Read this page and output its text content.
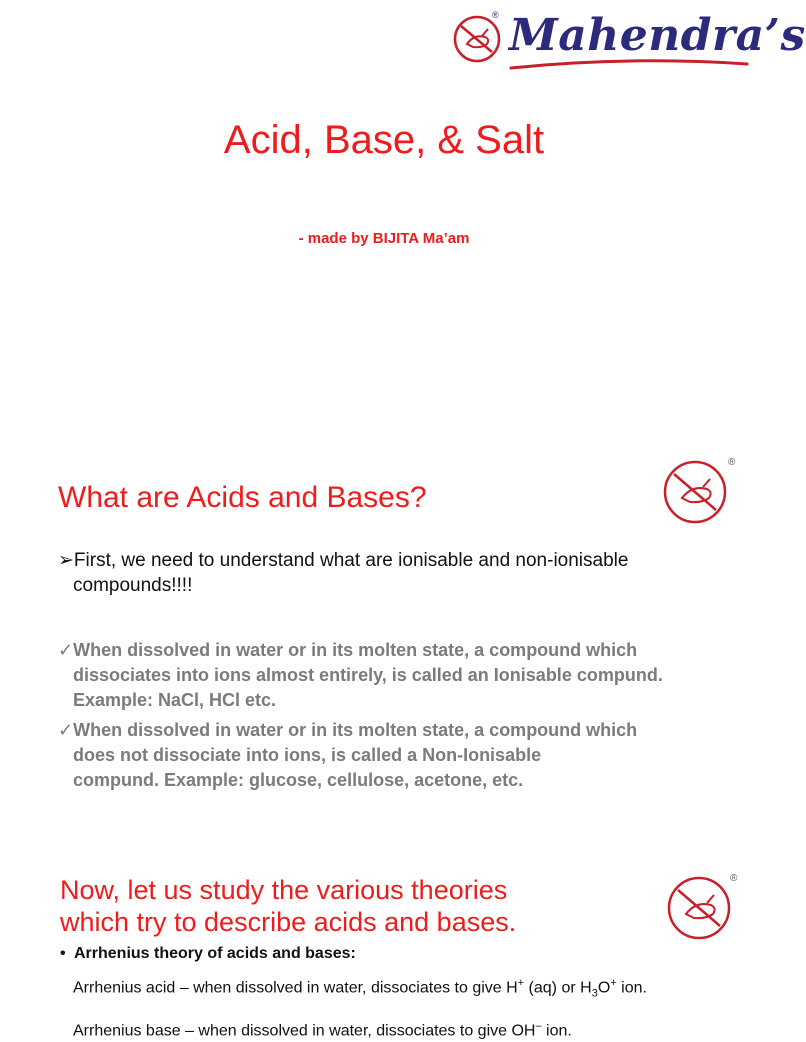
® Mahendra’s
Acid, Base, & Salt
- made by BIJITA Ma’am
®
What are Acids and Bases?
➢First, we need to understand what are ionisable and non-ionisable
compounds!!!!
✓When dissolved in water or in its molten state, a compound which
dissociates into ions almost entirely, is called an Ionisable compund.
Example: NaCl, HCl etc.
✓When dissolved in water or in its molten state, a compound which
does not dissociate into ions, is called a Non-Ionisable
compund. Example: glucose, cellulose, acetone, etc.
®
Now, let us study the various theories
which try to describe acids and bases.
• Arrhenius theory of acids and bases:
Arrhenius acid – when dissolved in water, dissociates to give H+ (aq) or $H_3O^+$ ion.
Arrhenius base – when dissolved in water, dissociates to give OH– ion.
